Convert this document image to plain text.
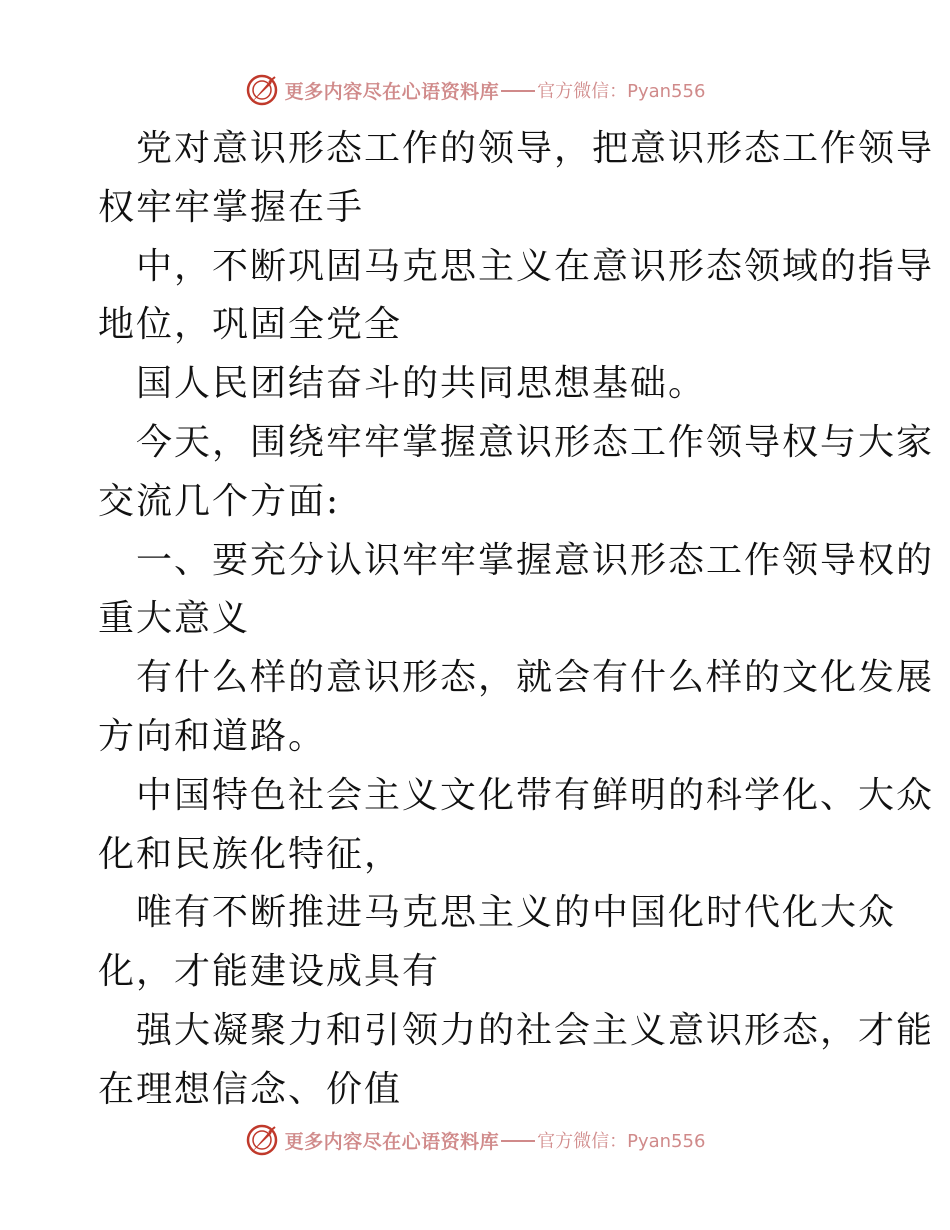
更多内容尽在心语资料库 官方微信：Pyan556

党对意识形态工作的领导，把意识形态工作领导
权牢牢掌握在手

中，不断巩固马克思主义在意识形态领域的指导
地位，巩固全党全

国人民团结奋斗的共同思想基础。

今天，围绕牢牢掌握意识形态工作领导权与大家
交流几个方面:

一、要充分认识牢牢掌握意识形态工作领导权的
重大意义

有什么样的意识形态，就会有什么样的文化发展
方向和道路。

中国特色社会主义文化带有鲜明的科学化、大众
化和民族化特征，

唯有不断推进马克思主义的中国化时代化大众
化，才能建设成具有

强大凝聚力和引领力的社会主义意识形态，才能
在理想信念、价值

更多内容尽在心语资料库 官方微信：Pyan556
